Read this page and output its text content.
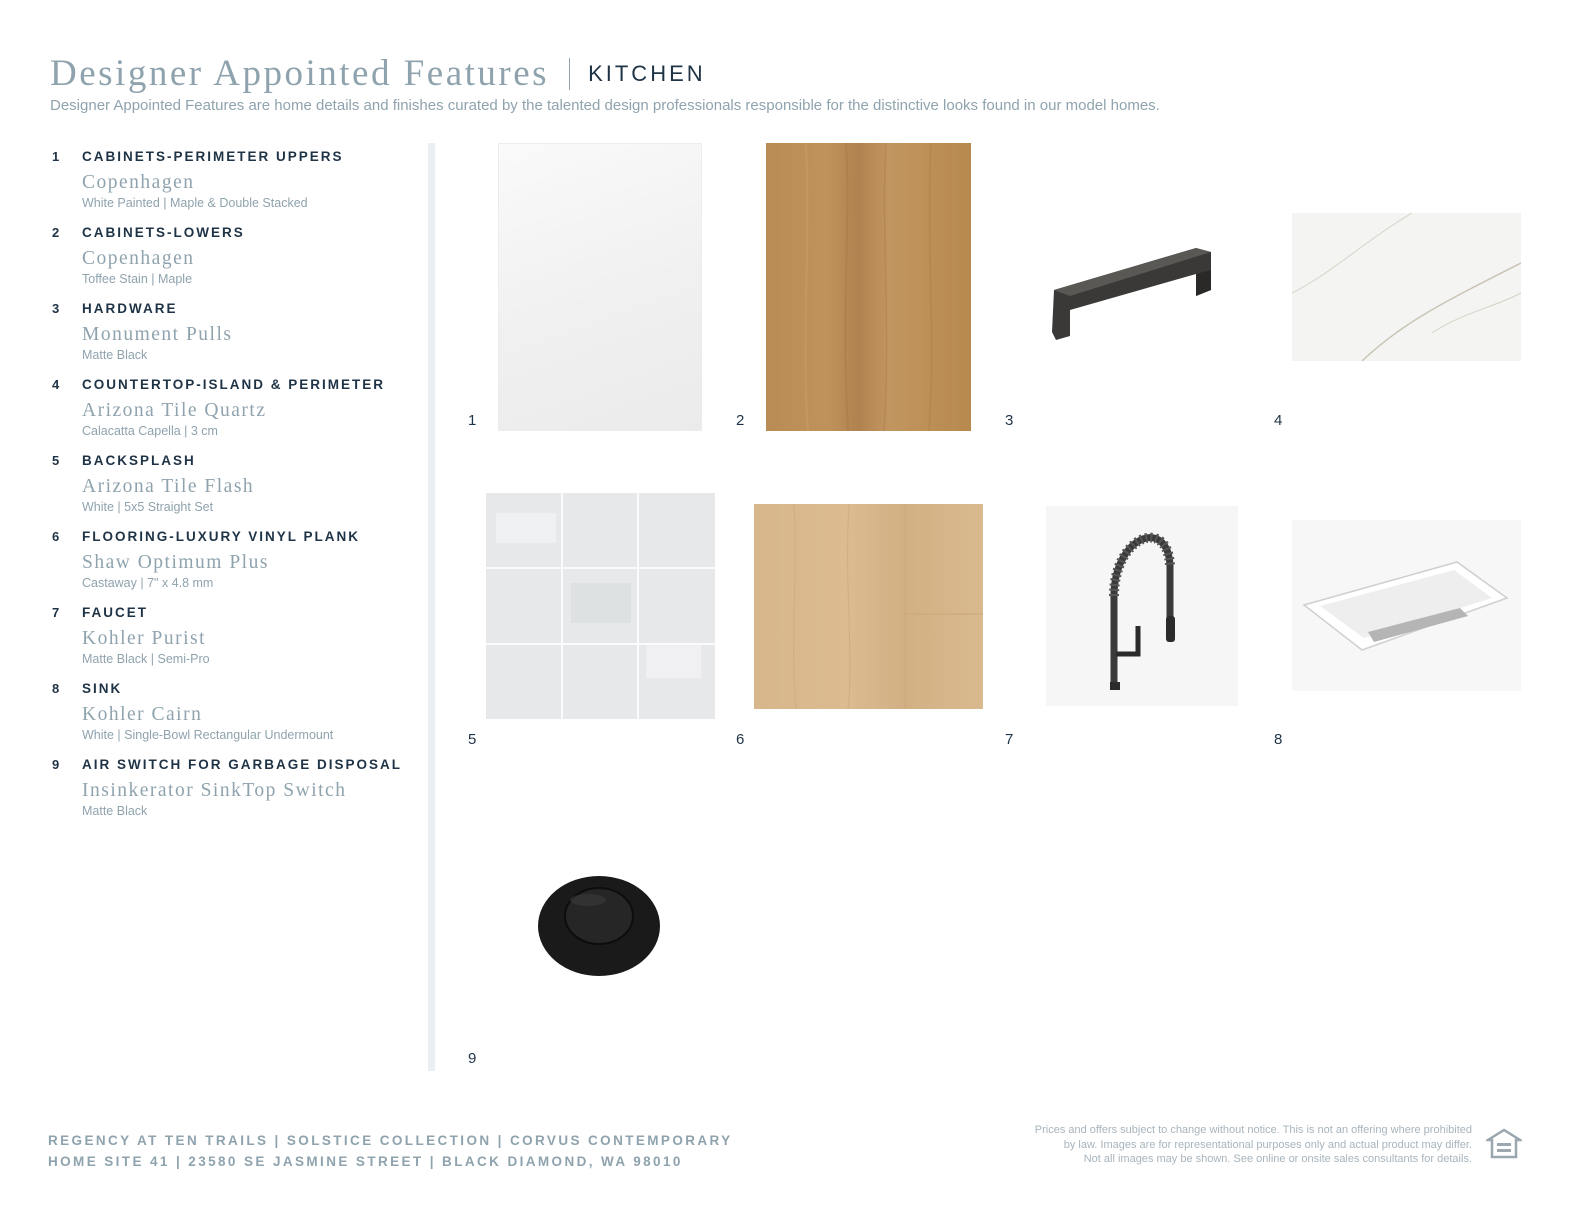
Designer Appointed Features KITCHEN
Designer Appointed Features are home details and finishes curated by the talented design professionals responsible for the distinctive looks found in our model homes.
1 CABINETS-PERIMETER UPPERS
Copenhagen
White Painted | Maple & Double Stacked
2 CABINETS-LOWERS
Copenhagen
Toffee Stain | Maple
3 HARDWARE
Monument Pulls
Matte Black
4 COUNTERTOP-ISLAND & PERIMETER
Arizona Tile Quartz
Calacatta Capella | 3 cm
5 BACKSPLASH
Arizona Tile Flash
White | 5x5 Straight Set
6 FLOORING-LUXURY VINYL PLANK
Shaw Optimum Plus
Castaway | 7" x 4.8 mm
7 FAUCET
Kohler Purist
Matte Black | Semi-Pro
8 SINK
Kohler Cairn
White | Single-Bowl Rectangular Undermount
9 AIR SWITCH FOR GARBAGE DISPOSAL
Insinkerator SinkTop Switch
Matte Black
1	2	3	4
5	6	7	8
9
REGENCY AT TEN TRAILS | SOLSTICE COLLECTION | CORVUS CONTEMPORARY
HOME SITE 41 | 23580 SE JASMINE STREET | BLACK DIAMOND, WA 98010
Prices and offers subject to change without notice. This is not an offering where prohibited
by law. Images are for representational purposes only and actual product may differ.
Not all images may be shown. See online or onsite sales consultants for details.
